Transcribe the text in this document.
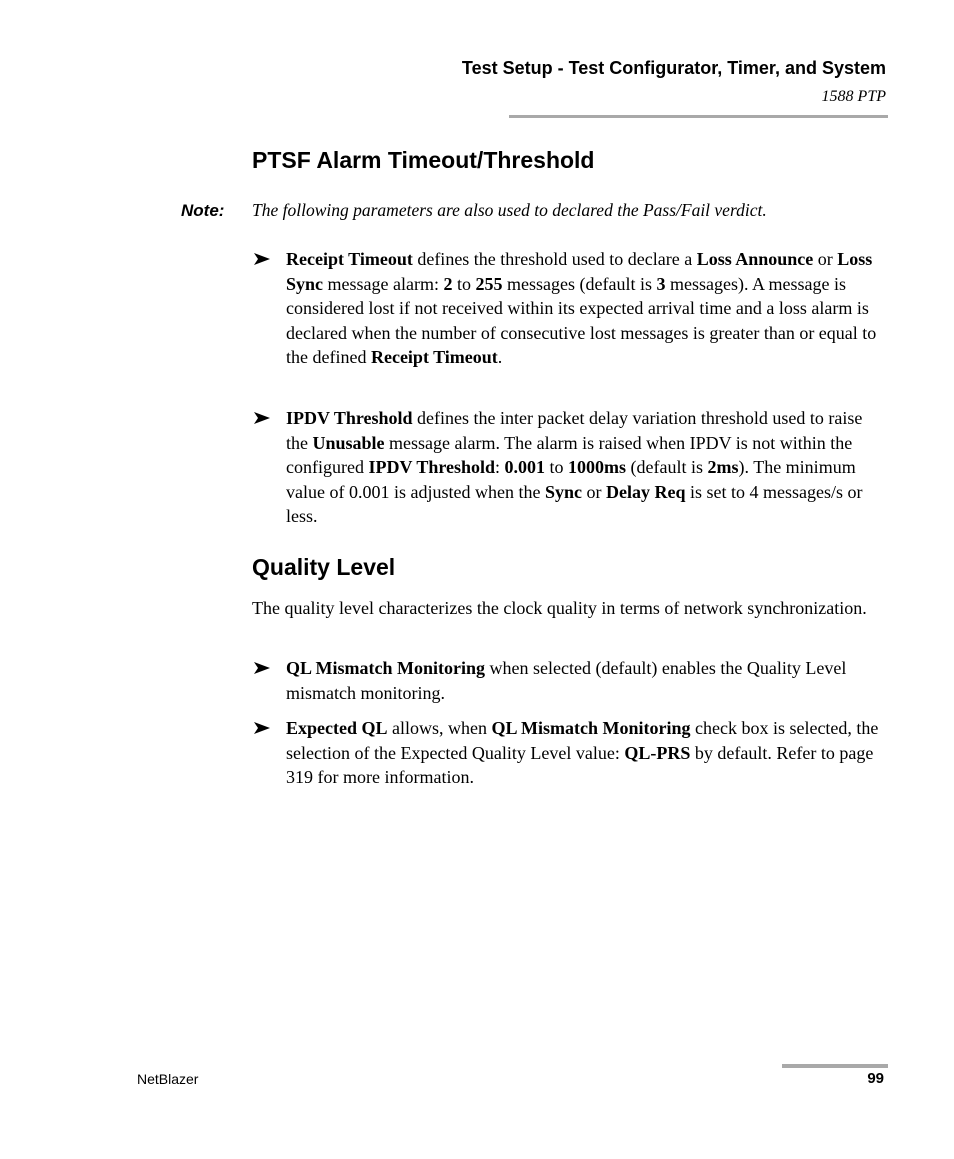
Test Setup - Test Configurator, Timer, and System
1588 PTP
PTSF Alarm Timeout/Threshold
Note: The following parameters are also used to declared the Pass/Fail verdict.
Receipt Timeout defines the threshold used to declare a Loss Announce or Loss Sync message alarm: 2 to 255 messages (default is 3 messages). A message is considered lost if not received within its expected arrival time and a loss alarm is declared when the number of consecutive lost messages is greater than or equal to the defined Receipt Timeout.
IPDV Threshold defines the inter packet delay variation threshold used to raise the Unusable message alarm. The alarm is raised when IPDV is not within the configured IPDV Threshold: 0.001 to 1000ms (default is 2ms). The minimum value of 0.001 is adjusted when the Sync or Delay Req is set to 4 messages/s or less.
Quality Level
The quality level characterizes the clock quality in terms of network synchronization.
QL Mismatch Monitoring when selected (default) enables the Quality Level mismatch monitoring.
Expected QL allows, when QL Mismatch Monitoring check box is selected, the selection of the Expected Quality Level value: QL-PRS by default. Refer to page 319 for more information.
NetBlazer	99
